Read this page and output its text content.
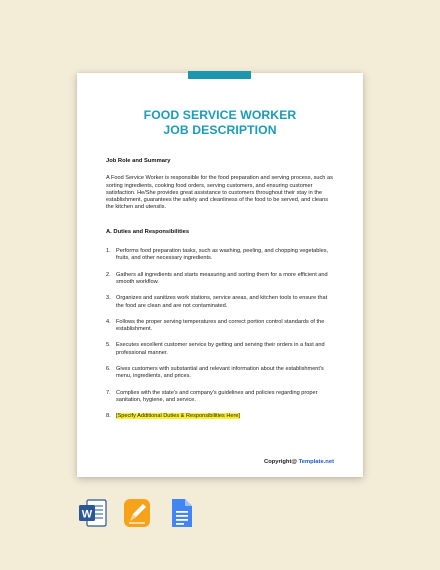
FOOD SERVICE WORKER
JOB DESCRIPTION
Job Role and Summary
A Food Service Worker is responsible for the food preparation and serving process, such as sorting ingredients, cooking food orders, serving customers, and ensuring customer satisfaction. He/She provides great assistance to customers throughout their stay in the establishment, guarantees the safety and cleanliness of the food to be served, and cleans the kitchen and utensils.
A. Duties and Responsibilities
1. Performs food preparation tasks, such as washing, peeling, and chopping vegetables, fruits, and other necessary ingredients.
2. Gathers all ingredients and starts measuring and sorting them for a more efficient and smooth workflow.
3. Organizes and sanitizes work stations, service areas, and kitchen tools to ensure that the food are clean and are not contaminated.
4. Follows the proper serving temperatures and correct portion control standards of the establishment.
5. Executes excellent customer service by getting and serving their orders in a fast and professional manner.
6. Gives customers with substantial and relevant information about the establishment's menu, ingredients, and prices.
7. Complies with the state's and company's guidelines and policies regarding proper sanitation, hygiene, and service.
8. [Specify Additional Duties & Responsibilities Here]
Copyright@ Template.net
W
